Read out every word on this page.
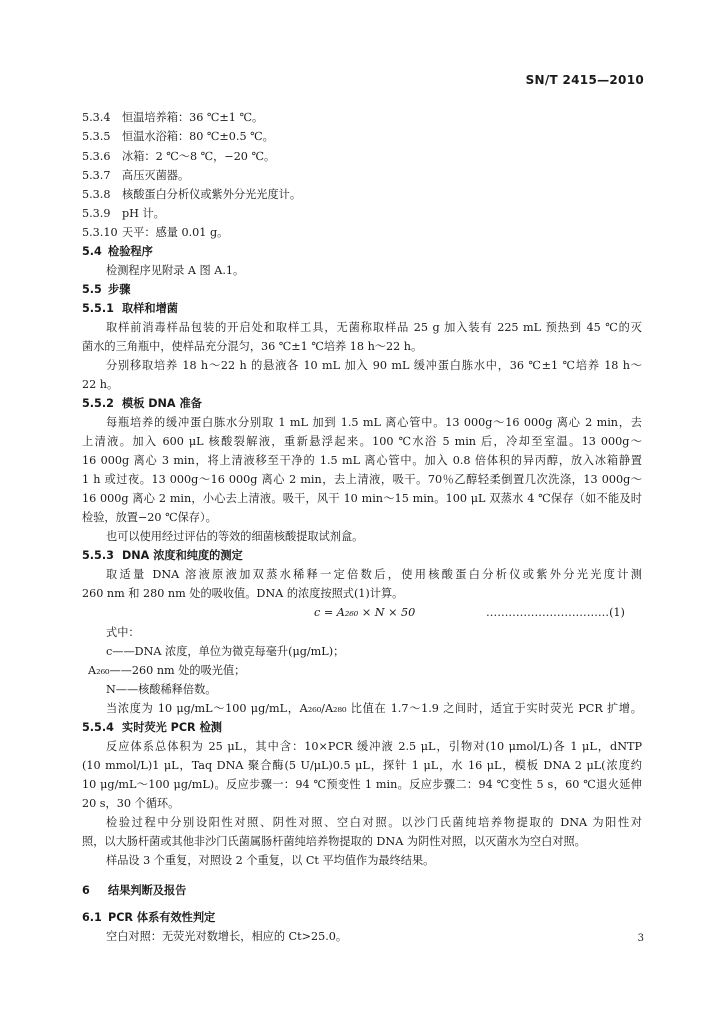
SN/T 2415—2010
5.3.4 恒温培养箱：36 ℃±1 ℃。
5.3.5 恒温水浴箱：80 ℃±0.5 ℃。
5.3.6 冰箱：2 ℃～8 ℃，−20 ℃。
5.3.7 高压灭菌器。
5.3.8 核酸蛋白分析仪或紫外分光光度计。
5.3.9 pH 计。
5.3.10 天平：感量 0.01 g。
5.4 检验程序
检测程序见附录 A 图 A.1。
5.5 步骤
5.5.1 取样和增菌
取样前消毒样品包装的开启处和取样工具，无菌称取样品 25 g 加入装有 225 mL 预热到 45 ℃的灭
菌水的三角瓶中，使样品充分混匀，36 ℃±1 ℃培养 18 h～22 h。
分别移取培养 18 h～22 h 的悬液各 10 mL 加入 90 mL 缓冲蛋白胨水中，36 ℃±1 ℃培养 18 h～
22 h。
5.5.2 模板 DNA 准备
每瓶培养的缓冲蛋白胨水分别取 1 mL 加到 1.5 mL 离心管中。13 000g～16 000g 离心 2 min，去
上清液。加入 600 μL 核酸裂解液，重新悬浮起来。100 ℃水浴 5 min 后，冷却至室温。13 000g～
16 000g 离心 3 min，将上清液移至干净的 1.5 mL 离心管中。加入 0.8 倍体积的异丙醇，放入冰箱静置
1 h 或过夜。13 000g～16 000g 离心 2 min，去上清液，吸干。70％乙醇轻柔倒置几次洗涤，13 000g～
16 000g 离心 2 min，小心去上清液。吸干，风干 10 min～15 min。100 μL 双蒸水 4 ℃保存（如不能及时
检验，放置−20 ℃保存）。
也可以使用经过评估的等效的细菌核酸提取试剂盒。
5.5.3 DNA 浓度和纯度的测定
取适量 DNA 溶液原液加双蒸水稀释一定倍数后，使用核酸蛋白分析仪或紫外分光光度计测
260 nm 和 280 nm 处的吸收值。DNA 的浓度按照式(1)计算。
c = A₂₆₀ × N × 50	……………………………(1)
式中：
c——DNA 浓度，单位为微克每毫升(μg/mL)；
A₂₆₀——260 nm 处的吸光值；
N——核酸稀释倍数。
当浓度为 10 μg/mL～100 μg/mL，A₂₆₀/A₂₈₀ 比值在 1.7～1.9 之间时，适宜于实时荧光 PCR 扩增。
5.5.4 实时荧光 PCR 检测
反应体系总体积为 25 μL，其中含：10×PCR 缓冲液 2.5 μL，引物对(10 μmol/L)各 1 μL，dNTP
(10 mmol/L)1 μL，Taq DNA 聚合酶(5 U/μL)0.5 μL，探针 1 μL，水 16 μL，模板 DNA 2 μL(浓度约
10 μg/mL～100 μg/mL)。反应步骤一：94 ℃预变性 1 min。反应步骤二：94 ℃变性 5 s，60 ℃退火延伸
20 s，30 个循环。
检验过程中分别设阳性对照、阴性对照、空白对照。以沙门氏菌纯培养物提取的 DNA 为阳性对
照，以大肠杆菌或其他非沙门氏菌属肠杆菌纯培养物提取的 DNA 为阴性对照，以灭菌水为空白对照。
样品设 3 个重复，对照设 2 个重复，以 Ct 平均值作为最终结果。
6 结果判断及报告
6.1 PCR 体系有效性判定
空白对照：无荧光对数增长，相应的 Ct>25.0。	3
